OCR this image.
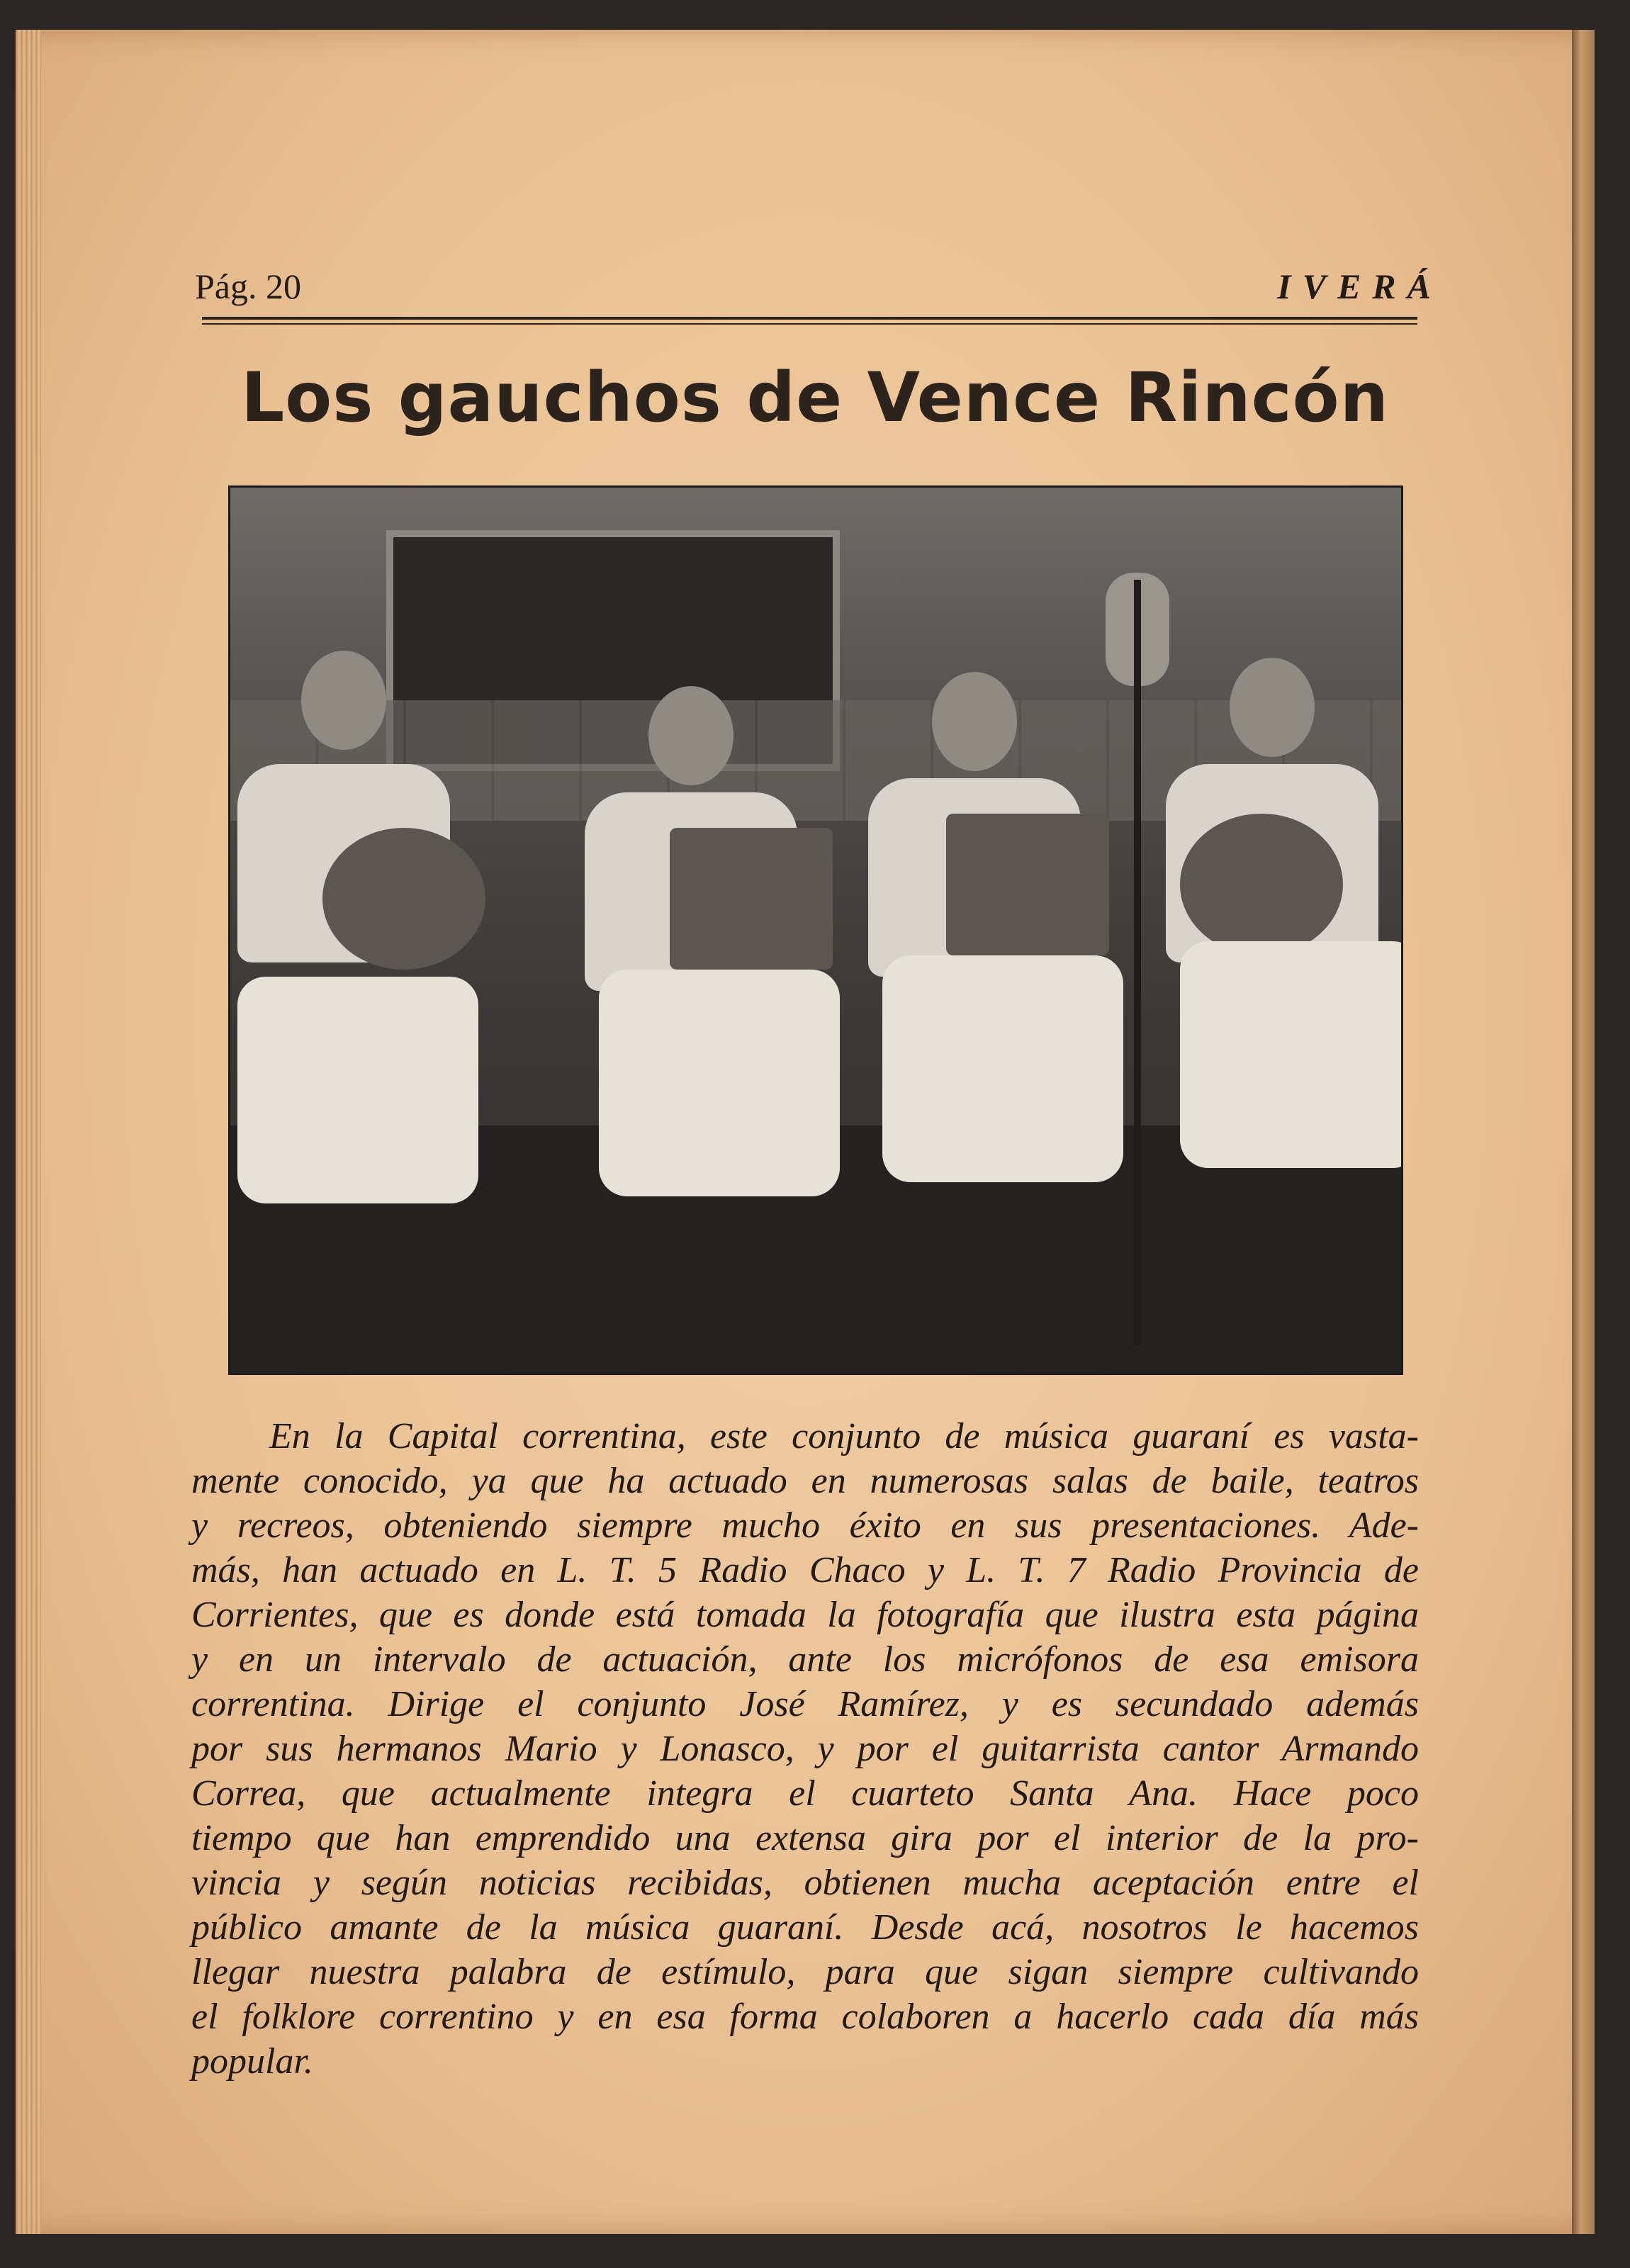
Pág. 20	IVERÁ
Los gauchos de Vence Rincón
En la Capital correntina, este conjunto de música guaraní es vasta-
mente conocido, ya que ha actuado en numerosas salas de baile, teatros
y recreos, obteniendo siempre mucho éxito en sus presentaciones. Ade-
más, han actuado en L. T. 5 Radio Chaco y L. T. 7 Radio Provincia de
Corrientes, que es donde está tomada la fotografía que ilustra esta página
y en un intervalo de actuación, ante los micrófonos de esa emisora
correntina. Dirige el conjunto José Ramírez, y es secundado además
por sus hermanos Mario y Lonasco, y por el guitarrista cantor Armando
Correa, que actualmente integra el cuarteto Santa Ana. Hace poco
tiempo que han emprendido una extensa gira por el interior de la pro-
vincia y según noticias recibidas, obtienen mucha aceptación entre el
público amante de la música guaraní. Desde acá, nosotros le hacemos
llegar nuestra palabra de estímulo, para que sigan siempre cultivando
el folklore correntino y en esa forma colaboren a hacerlo cada día más
popular.
